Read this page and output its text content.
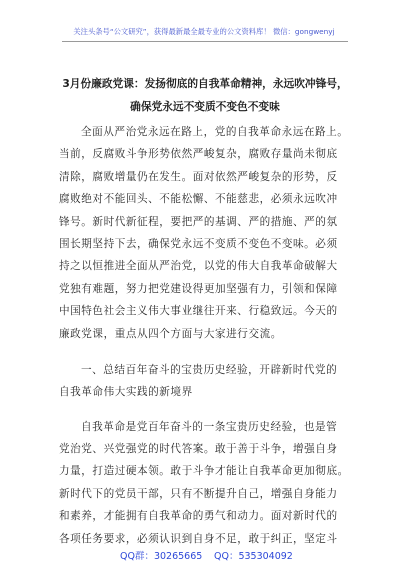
关注头条号“公文研究”，获得最新最全最专业的公文资料库！ 微信：gongwenyj
3月份廉政党课：发扬彻底的自我革命精神，永远吹冲锋号，
确保党永远不变质不变色不变味
全面从严治党永远在路上，党的自我革命永远在路上。
当前，反腐败斗争形势依然严峻复杂，腐败存量尚未彻底
清除，腐败增量仍在发生。面对依然严峻复杂的形势，反
腐败绝对不能回头、不能松懈、不能慈悲，必须永远吹冲
锋号。新时代新征程，要把严的基调、严的措施、严的氛
围长期坚持下去，确保党永远不变质不变色不变味。必须
持之以恒推进全面从严治党，以党的伟大自我革命破解大
党独有难题，努力把党建设得更加坚强有力，引领和保障
中国特色社会主义伟大事业继往开来、行稳致远。今天的
廉政党课，重点从四个方面与大家进行交流。
一、总结百年奋斗的宝贵历史经验，开辟新时代党的
自我革命伟大实践的新境界
自我革命是党百年奋斗的一条宝贵历史经验，也是管
党治党、兴党强党的时代答案。敢于善于斗争，增强自身
力量，打造过硬本领。敢于斗争才能让自我革命更加彻底。
新时代下的党员干部，只有不断提升自己，增强自身能力
和素养，才能拥有自我革命的勇气和动力。面对新时代的
各项任务要求，必须认识到自身不足，敢于纠正，坚定斗
QQ群：30265665 QQ：535304092
